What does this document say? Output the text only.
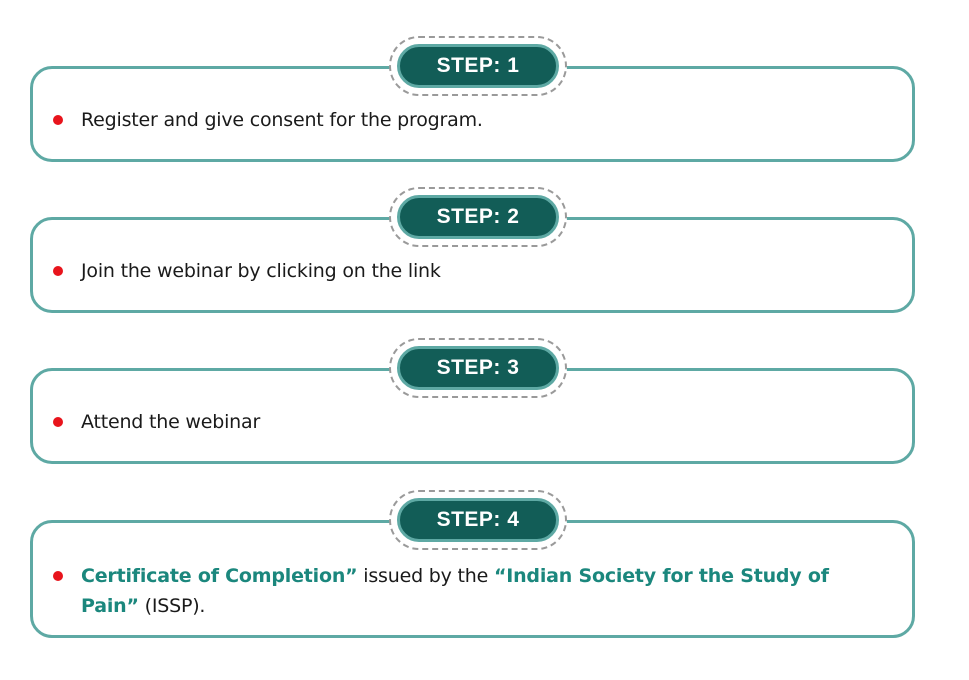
Register and give consent for the program.
STEP: 1
Join the webinar by clicking on the link
STEP: 2
Attend the webinar
STEP: 3
Certificate of Completion” issued by the “Indian Society for the Study of Pain” (ISSP).
STEP: 4
